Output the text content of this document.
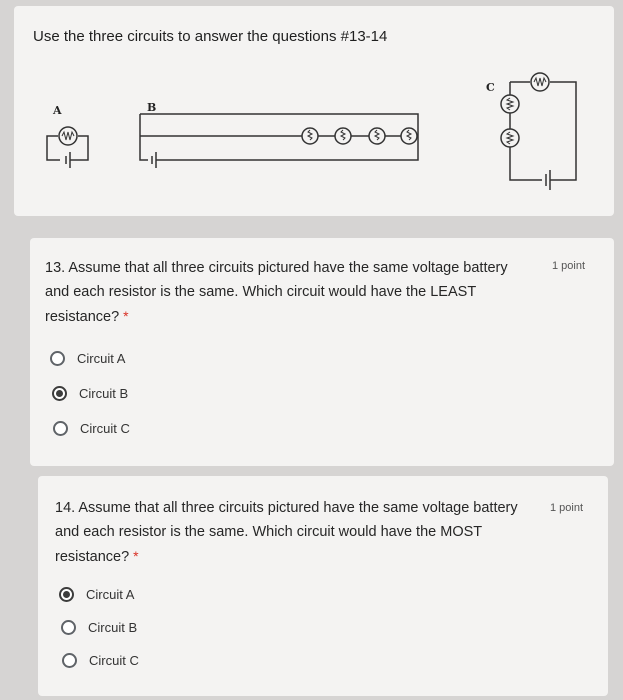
Use the three circuits to answer the questions #13-14
A	B
C
13. Assume that all three circuits pictured have the same voltage battery and each resistor is the same. Which circuit would have the LEAST resistance? *
1 point
Circuit A
Circuit B
Circuit C
14. Assume that all three circuits pictured have the same voltage battery and each resistor is the same. Which circuit would have the MOST resistance? *
1 point
Circuit A
Circuit B
Circuit C
